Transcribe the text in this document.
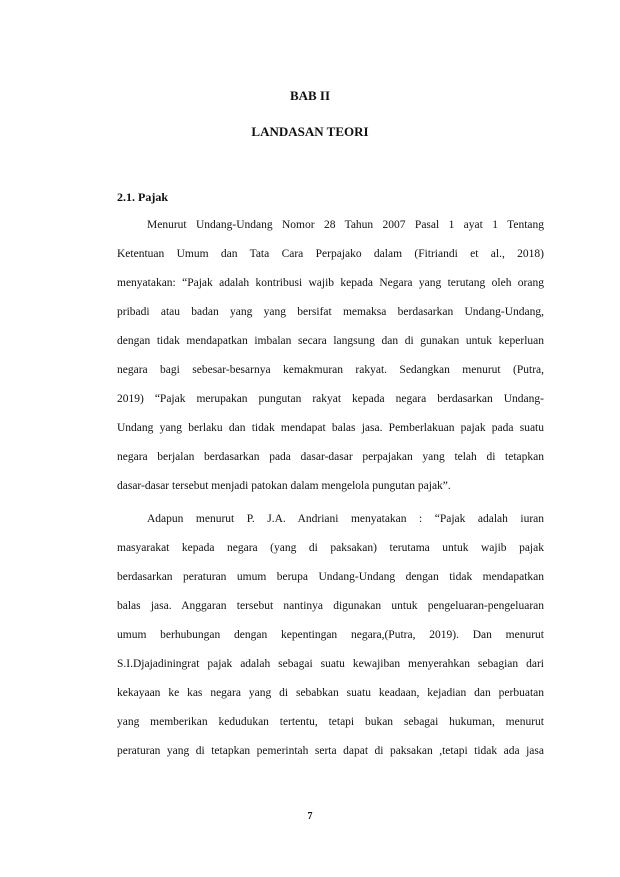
BAB II
LANDASAN TEORI
2.1. Pajak
Menurut Undang-Undang Nomor 28 Tahun 2007 Pasal 1 ayat 1 Tentang
Ketentuan Umum dan Tata Cara Perpajako dalam (Fitriandi et al., 2018)
menyatakan: “Pajak adalah kontribusi wajib kepada Negara yang terutang oleh orang
pribadi atau badan yang yang bersifat memaksa berdasarkan Undang-Undang,
dengan tidak mendapatkan imbalan secara langsung dan di gunakan untuk keperluan
negara bagi sebesar-besarnya kemakmuran rakyat. Sedangkan menurut (Putra,
2019) “Pajak merupakan pungutan rakyat kepada negara berdasarkan Undang-
Undang yang berlaku dan tidak mendapat balas jasa. Pemberlakuan pajak pada suatu
negara berjalan berdasarkan pada dasar-dasar perpajakan yang telah di tetapkan
dasar-dasar tersebut menjadi patokan dalam mengelola pungutan pajak”.
Adapun menurut P. J.A. Andriani menyatakan : “Pajak adalah iuran
masyarakat kepada negara (yang di paksakan) terutama untuk wajib pajak
berdasarkan peraturan umum berupa Undang-Undang dengan tidak mendapatkan
balas jasa. Anggaran tersebut nantinya digunakan untuk pengeluaran-pengeluaran
umum berhubungan dengan kepentingan negara,(Putra, 2019). Dan menurut
S.I.Djajadiningrat pajak adalah sebagai suatu kewajiban menyerahkan sebagian dari
kekayaan ke kas negara yang di sebabkan suatu keadaan, kejadian dan perbuatan
yang memberikan kedudukan tertentu, tetapi bukan sebagai hukuman, menurut
peraturan yang di tetapkan pemerintah serta dapat di paksakan ,tetapi tidak ada jasa
7
